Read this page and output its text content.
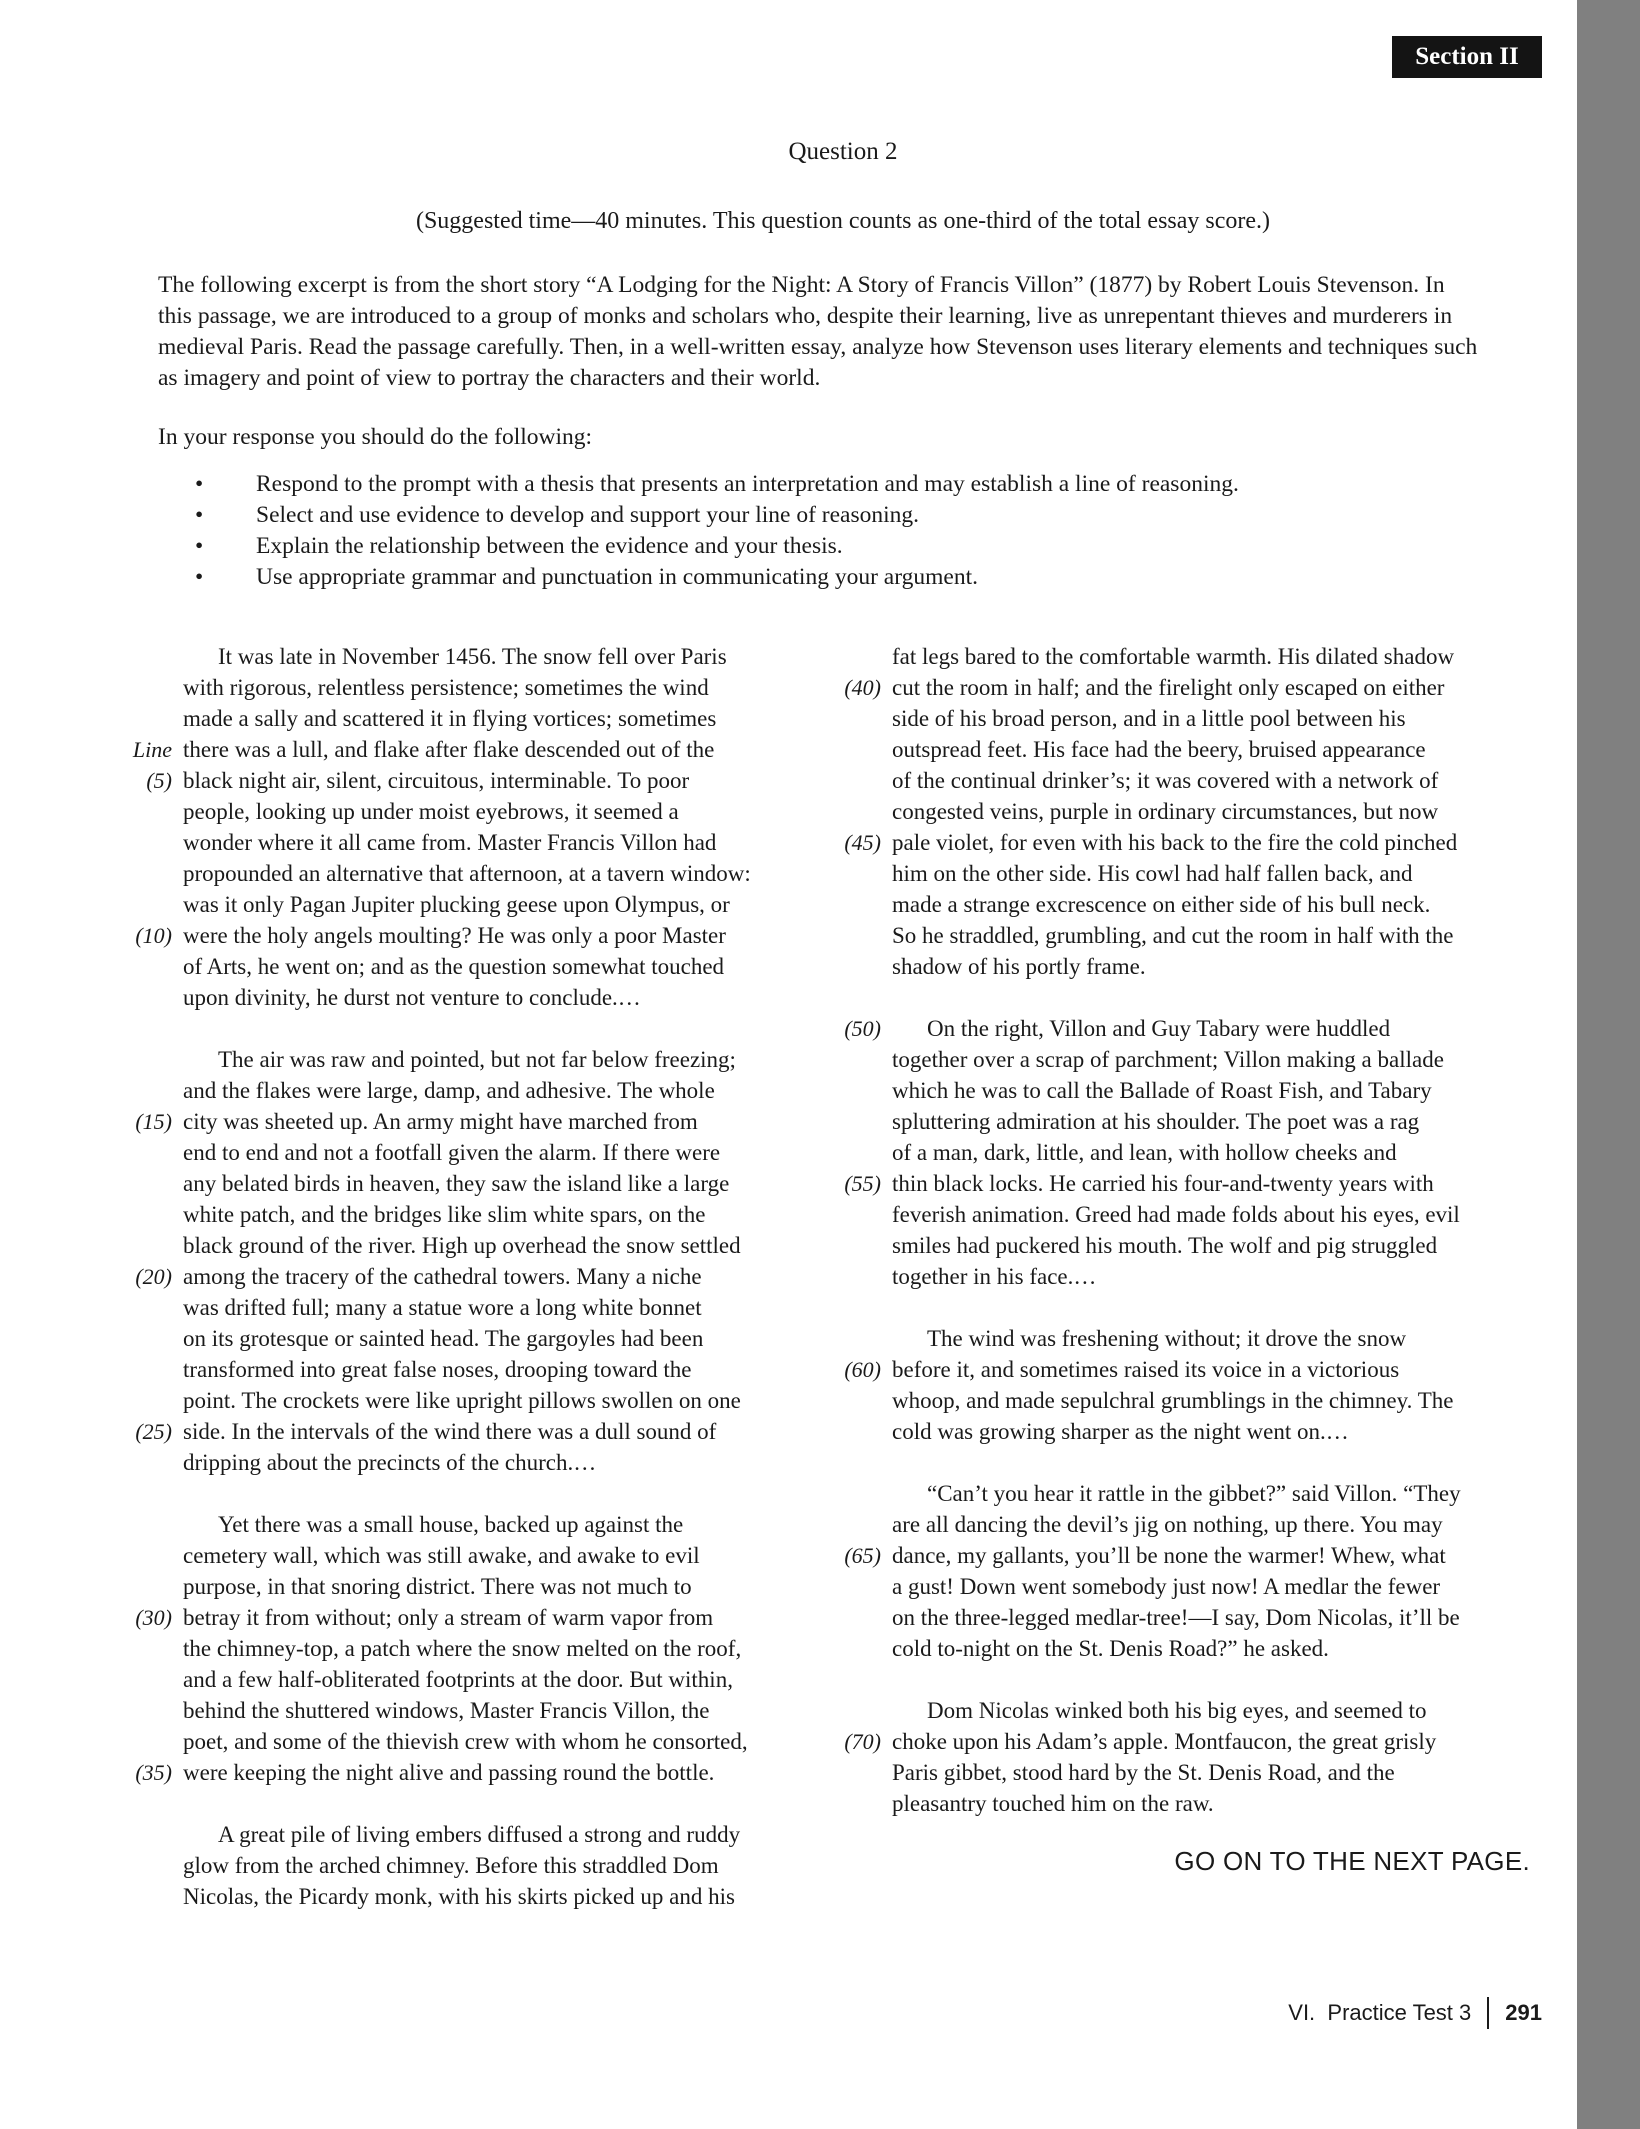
Section II
Question 2
(Suggested time—40 minutes. This question counts as one-third of the total essay score.)

The following excerpt is from the short story “A Lodging for the Night: A Story of Francis Villon” (1877) by Robert Louis Stevenson. In this passage, we are introduced to a group of monks and scholars who, despite their learning, live as unrepentant thieves and murderers in medieval Paris. Read the passage carefully. Then, in a well-written essay, analyze how Stevenson uses literary elements and techniques such as imagery and point of view to portray the characters and their world.

In your response you should do the following:

• Respond to the prompt with a thesis that presents an interpretation and may establish a line of reasoning.
• Select and use evidence to develop and support your line of reasoning.
• Explain the relationship between the evidence and your thesis.
• Use appropriate grammar and punctuation in communicating your argument.
It was late in November 1456. The snow fell over Paris
with rigorous, relentless persistence; sometimes the wind
made a sally and scattered it in flying vortices; sometimes
Line there was a lull, and flake after flake descended out of the
(5) black night air, silent, circuitous, interminable. To poor
people, looking up under moist eyebrows, it seemed a
wonder where it all came from. Master Francis Villon had
propounded an alternative that afternoon, at a tavern window:
was it only Pagan Jupiter plucking geese upon Olympus, or
(10) were the holy angels moulting? He was only a poor Master
of Arts, he went on; and as the question somewhat touched
upon divinity, he durst not venture to conclude.…
The air was raw and pointed, but not far below freezing;
and the flakes were large, damp, and adhesive. The whole
(15) city was sheeted up. An army might have marched from
end to end and not a footfall given the alarm. If there were
any belated birds in heaven, they saw the island like a large
white patch, and the bridges like slim white spars, on the
black ground of the river. High up overhead the snow settled
(20) among the tracery of the cathedral towers. Many a niche
was drifted full; many a statue wore a long white bonnet
on its grotesque or sainted head. The gargoyles had been
transformed into great false noses, drooping toward the
point. The crockets were like upright pillows swollen on one
(25) side. In the intervals of the wind there was a dull sound of
dripping about the precincts of the church.…
Yet there was a small house, backed up against the
cemetery wall, which was still awake, and awake to evil
purpose, in that snoring district. There was not much to
(30) betray it from without; only a stream of warm vapor from
the chimney-top, a patch where the snow melted on the roof,
and a few half-obliterated footprints at the door. But within,
behind the shuttered windows, Master Francis Villon, the
poet, and some of the thievish crew with whom he consorted,
(35) were keeping the night alive and passing round the bottle.
A great pile of living embers diffused a strong and ruddy
glow from the arched chimney. Before this straddled Dom
Nicolas, the Picardy monk, with his skirts picked up and his
fat legs bared to the comfortable warmth. His dilated shadow
(40) cut the room in half; and the firelight only escaped on either
side of his broad person, and in a little pool between his
outspread feet. His face had the beery, bruised appearance
of the continual drinker’s; it was covered with a network of
congested veins, purple in ordinary circumstances, but now
(45) pale violet, for even with his back to the fire the cold pinched
him on the other side. His cowl had half fallen back, and
made a strange excrescence on either side of his bull neck.
So he straddled, grumbling, and cut the room in half with the
shadow of his portly frame.
(50)	On the right, Villon and Guy Tabary were huddled
together over a scrap of parchment; Villon making a ballade
which he was to call the Ballade of Roast Fish, and Tabary
spluttering admiration at his shoulder. The poet was a rag
of a man, dark, little, and lean, with hollow cheeks and
(55) thin black locks. He carried his four-and-twenty years with
feverish animation. Greed had made folds about his eyes, evil
smiles had puckered his mouth. The wolf and pig struggled
together in his face.…
The wind was freshening without; it drove the snow
(60) before it, and sometimes raised its voice in a victorious
whoop, and made sepulchral grumblings in the chimney. The
cold was growing sharper as the night went on.…
“Can’t you hear it rattle in the gibbet?” said Villon. “They
are all dancing the devil’s jig on nothing, up there. You may
(65) dance, my gallants, you’ll be none the warmer! Whew, what
a gust! Down went somebody just now! A medlar the fewer
on the three-legged medlar-tree!—I say, Dom Nicolas, it’ll be
cold to-night on the St. Denis Road?” he asked.
Dom Nicolas winked both his big eyes, and seemed to
(70) choke upon his Adam’s apple. Montfaucon, the great grisly
Paris gibbet, stood hard by the St. Denis Road, and the
pleasantry touched him on the raw.
GO ON TO THE NEXT PAGE.
VI.  Practice Test 3 291
